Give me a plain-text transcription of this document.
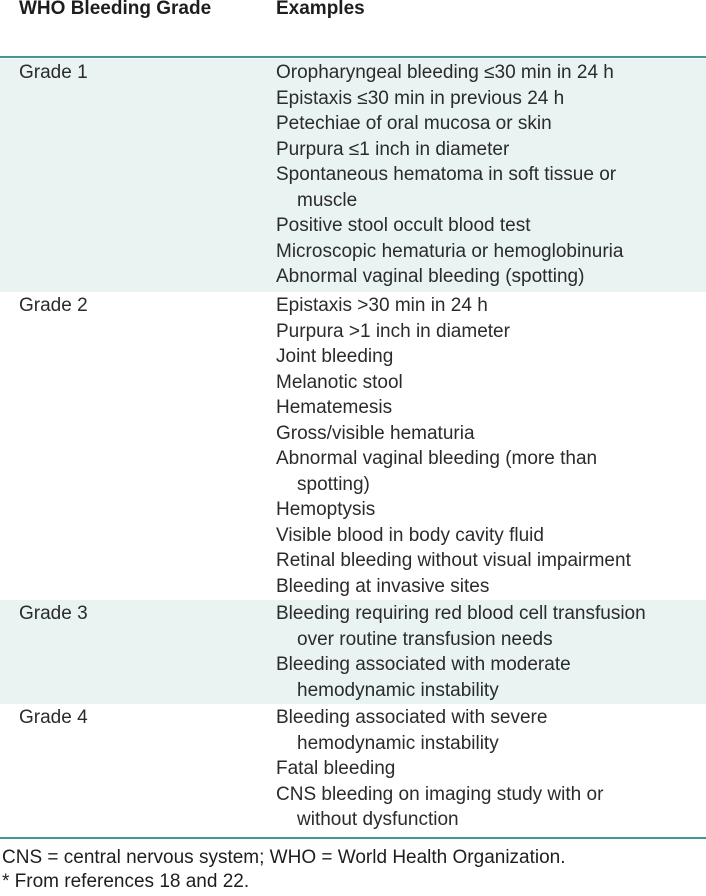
WHO Bleeding Grade	Examples
Grade 1	Oropharyngeal bleeding ≤30 min in 24 h
Epistaxis ≤30 min in previous 24 h
Petechiae of oral mucosa or skin
Purpura ≤1 inch in diameter
Spontaneous hematoma in soft tissue or
muscle
Positive stool occult blood test
Microscopic hematuria or hemoglobinuria
Abnormal vaginal bleeding (spotting)
Grade 2	Epistaxis >30 min in 24 h
Purpura >1 inch in diameter
Joint bleeding
Melanotic stool
Hematemesis
Gross/visible hematuria
Abnormal vaginal bleeding (more than
spotting)
Hemoptysis
Visible blood in body cavity fluid
Retinal bleeding without visual impairment
Bleeding at invasive sites
Grade 3	Bleeding requiring red blood cell transfusion
over routine transfusion needs
Bleeding associated with moderate
hemodynamic instability
Grade 4	Bleeding associated with severe
hemodynamic instability
Fatal bleeding
CNS bleeding on imaging study with or
without dysfunction
CNS = central nervous system; WHO = World Health Organization.
* From references 18 and 22.
